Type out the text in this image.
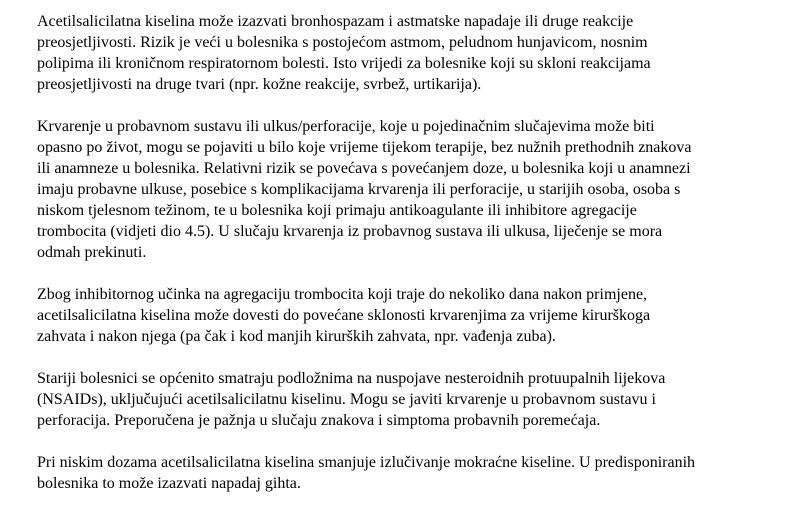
Acetilsalicilatna kiselina može izazvati bronhospazam i astmatske napadaje ili druge reakcije
preosjetljivosti. Rizik je veći u bolesnika s postojećom astmom, peludnom hunjavicom, nosnim
polipima ili kroničnom respiratornom bolesti. Isto vrijedi za bolesnike koji su skloni reakcijama
preosjetljivosti na druge tvari (npr. kožne reakcije, svrbež, urtikarija).

Krvarenje u probavnom sustavu ili ulkus/perforacije, koje u pojedinačnim slučajevima može biti
opasno po život, mogu se pojaviti u bilo koje vrijeme tijekom terapije, bez nužnih prethodnih znakova
ili anamneze u bolesnika. Relativni rizik se povećava s povećanjem doze, u bolesnika koji u anamnezi
imaju probavne ulkuse, posebice s komplikacijama krvarenja ili perforacije, u starijih osoba, osoba s
niskom tjelesnom težinom, te u bolesnika koji primaju antikoagulante ili inhibitore agregacije
trombocita (vidjeti dio 4.5). U slučaju krvarenja iz probavnog sustava ili ulkusa, liječenje se mora
odmah prekinuti.

Zbog inhibitornog učinka na agregaciju trombocita koji traje do nekoliko dana nakon primjene,
acetilsalicilatna kiselina može dovesti do povećane sklonosti krvarenjima za vrijeme kirurškoga
zahvata i nakon njega (pa čak i kod manjih kirurških zahvata, npr. vađenja zuba).

Stariji bolesnici se općenito smatraju podložnima na nuspojave nesteroidnih protuupalnih lijekova
(NSAIDs), uključujući acetilsalicilatnu kiselinu. Mogu se javiti krvarenje u probavnom sustavu i
perforacija. Preporučena je pažnja u slučaju znakova i simptoma probavnih poremećaja.

Pri niskim dozama acetilsalicilatna kiselina smanjuje izlučivanje mokraćne kiseline. U predisponiranih
bolesnika to može izazvati napadaj gihta.
